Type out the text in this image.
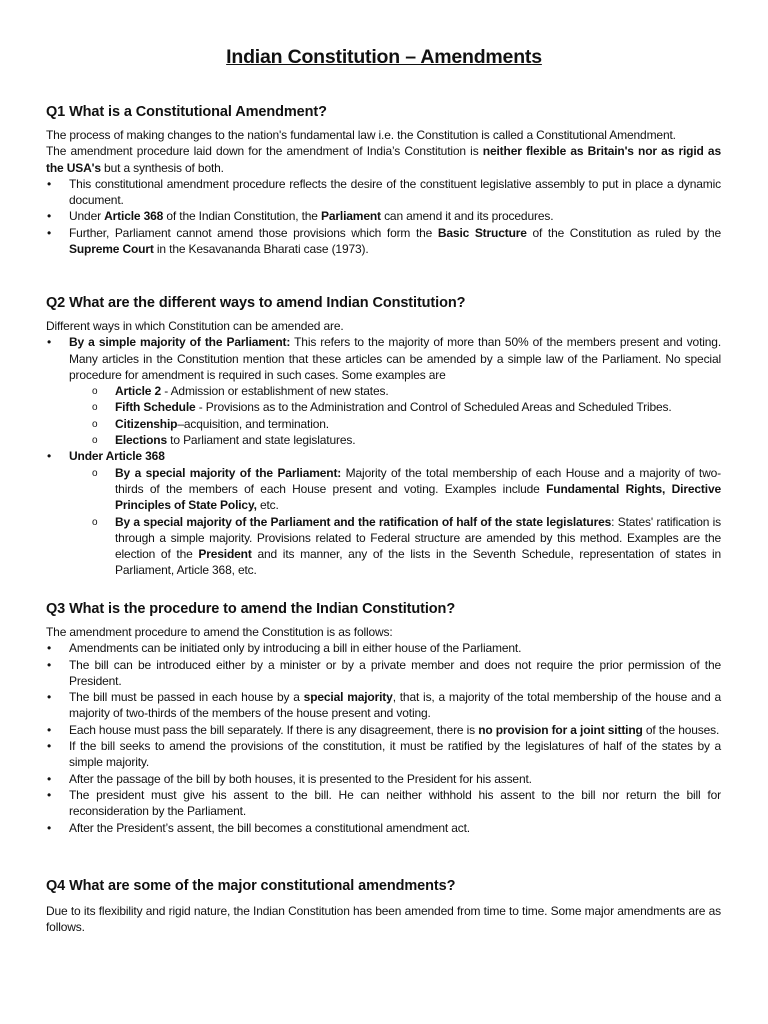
Indian Constitution – Amendments
Q1 What is a Constitutional Amendment?

The process of making changes to the nation's fundamental law i.e. the Constitution is called a Constitutional Amendment.

The amendment procedure laid down for the amendment of India’s Constitution is neither flexible as Britain's nor as rigid as the USA's but a synthesis of both.

• This constitutional amendment procedure reflects the desire of the constituent legislative assembly to put in place a dynamic document.
• Under Article 368 of the Indian Constitution, the Parliament can amend it and its procedures.
• Further, Parliament cannot amend those provisions which form the Basic Structure of the Constitution as ruled by the Supreme Court in the Kesavananda Bharati case (1973).
Q2 What are the different ways to amend Indian Constitution?

Different ways in which Constitution can be amended are.

• By a simple majority of the Parliament: This refers to the majority of more than 50% of the members present and voting. Many articles in the Constitution mention that these articles can be amended by a simple law of the Parliament. No special procedure for amendment is required in such cases. Some examples are
o Article 2 - Admission or establishment of new states.
o Fifth Schedule - Provisions as to the Administration and Control of Scheduled Areas and Scheduled Tribes.
o Citizenship–acquisition, and termination.
o Elections to Parliament and state legislatures.
• Under Article 368
o By a special majority of the Parliament: Majority of the total membership of each House and a majority of two-thirds of the members of each House present and voting. Examples include Fundamental Rights, Directive Principles of State Policy, etc.
o By a special majority of the Parliament and the ratification of half of the state legislatures: States' ratification is through a simple majority. Provisions related to Federal structure are amended by this method. Examples are the election of the President and its manner, any of the lists in the Seventh Schedule, representation of states in Parliament, Article 368, etc.
Q3 What is the procedure to amend the Indian Constitution?

The amendment procedure to amend the Constitution is as follows:

• Amendments can be initiated only by introducing a bill in either house of the Parliament.
• The bill can be introduced either by a minister or by a private member and does not require the prior permission of the President.
• The bill must be passed in each house by a special majority, that is, a majority of the total membership of the house and a majority of two-thirds of the members of the house present and voting.
• Each house must pass the bill separately. If there is any disagreement, there is no provision for a joint sitting of the houses.
• If the bill seeks to amend the provisions of the constitution, it must be ratified by the legislatures of half of the states by a simple majority.
• After the passage of the bill by both houses, it is presented to the President for his assent.
• The president must give his assent to the bill. He can neither withhold his assent to the bill nor return the bill for reconsideration by the Parliament.
• After the President’s assent, the bill becomes a constitutional amendment act.
Q4 What are some of the major constitutional amendments?

Due to its flexibility and rigid nature, the Indian Constitution has been amended from time to time. Some major amendments are as follows.
